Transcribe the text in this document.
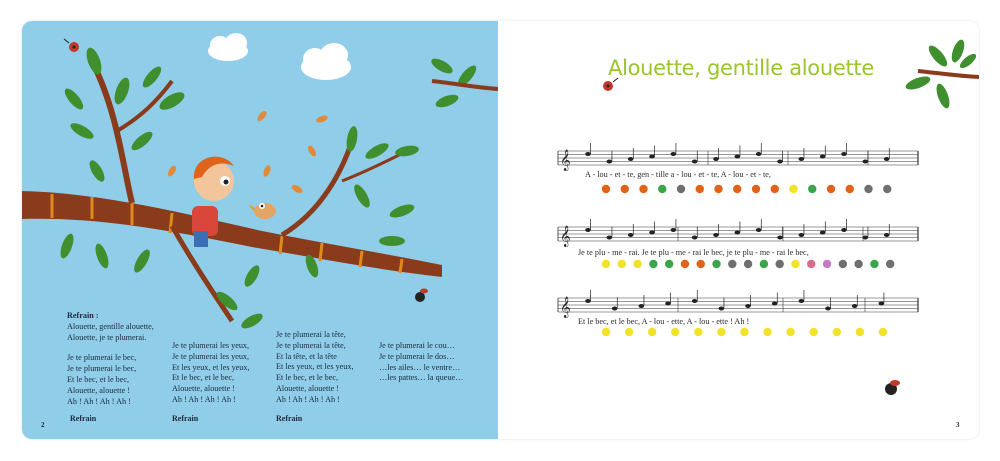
Refrain :
Alouette, gentille alouette,
Alouette, je te plumerai.
Je te plumerai le bec,
Je te plumerai le bec,
Et le bec, et le bec,
Alouette, alouette !
Ah ! Ah ! Ah ! Ah !
Je te plumerai les yeux,
Je te plumerai les yeux,
Et les yeux, et les yeux,
Et le bec, et le bec,
Alouette, alouette !
Ah ! Ah ! Ah ! Ah !
Je te plumerai la tête,
Je te plumerai la tête,
Et la tête, et la tête
Et les yeux, et les yeux,
Et le bec, et le bec,
Alouette, alouette !
Ah ! Ah ! Ah ! Ah !
Je te plumerai le cou…
Je te plumerai le dos…
…les ailes… le ventre…
…les pattes… la queue…
Refrain	Refrain	Refrain
2
Alouette, gentille alouette
𝄞
𝄞
𝄞
A - lou - et - te, gen - tille a - lou - et - te, A - lou - et - te,
Je te plu - me - rai. Je te plu - me - rai le bec, je te plu - me - rai le bec,
Et le bec, et le bec, A - lou - ette, A - lou - ette ! Ah !
3
